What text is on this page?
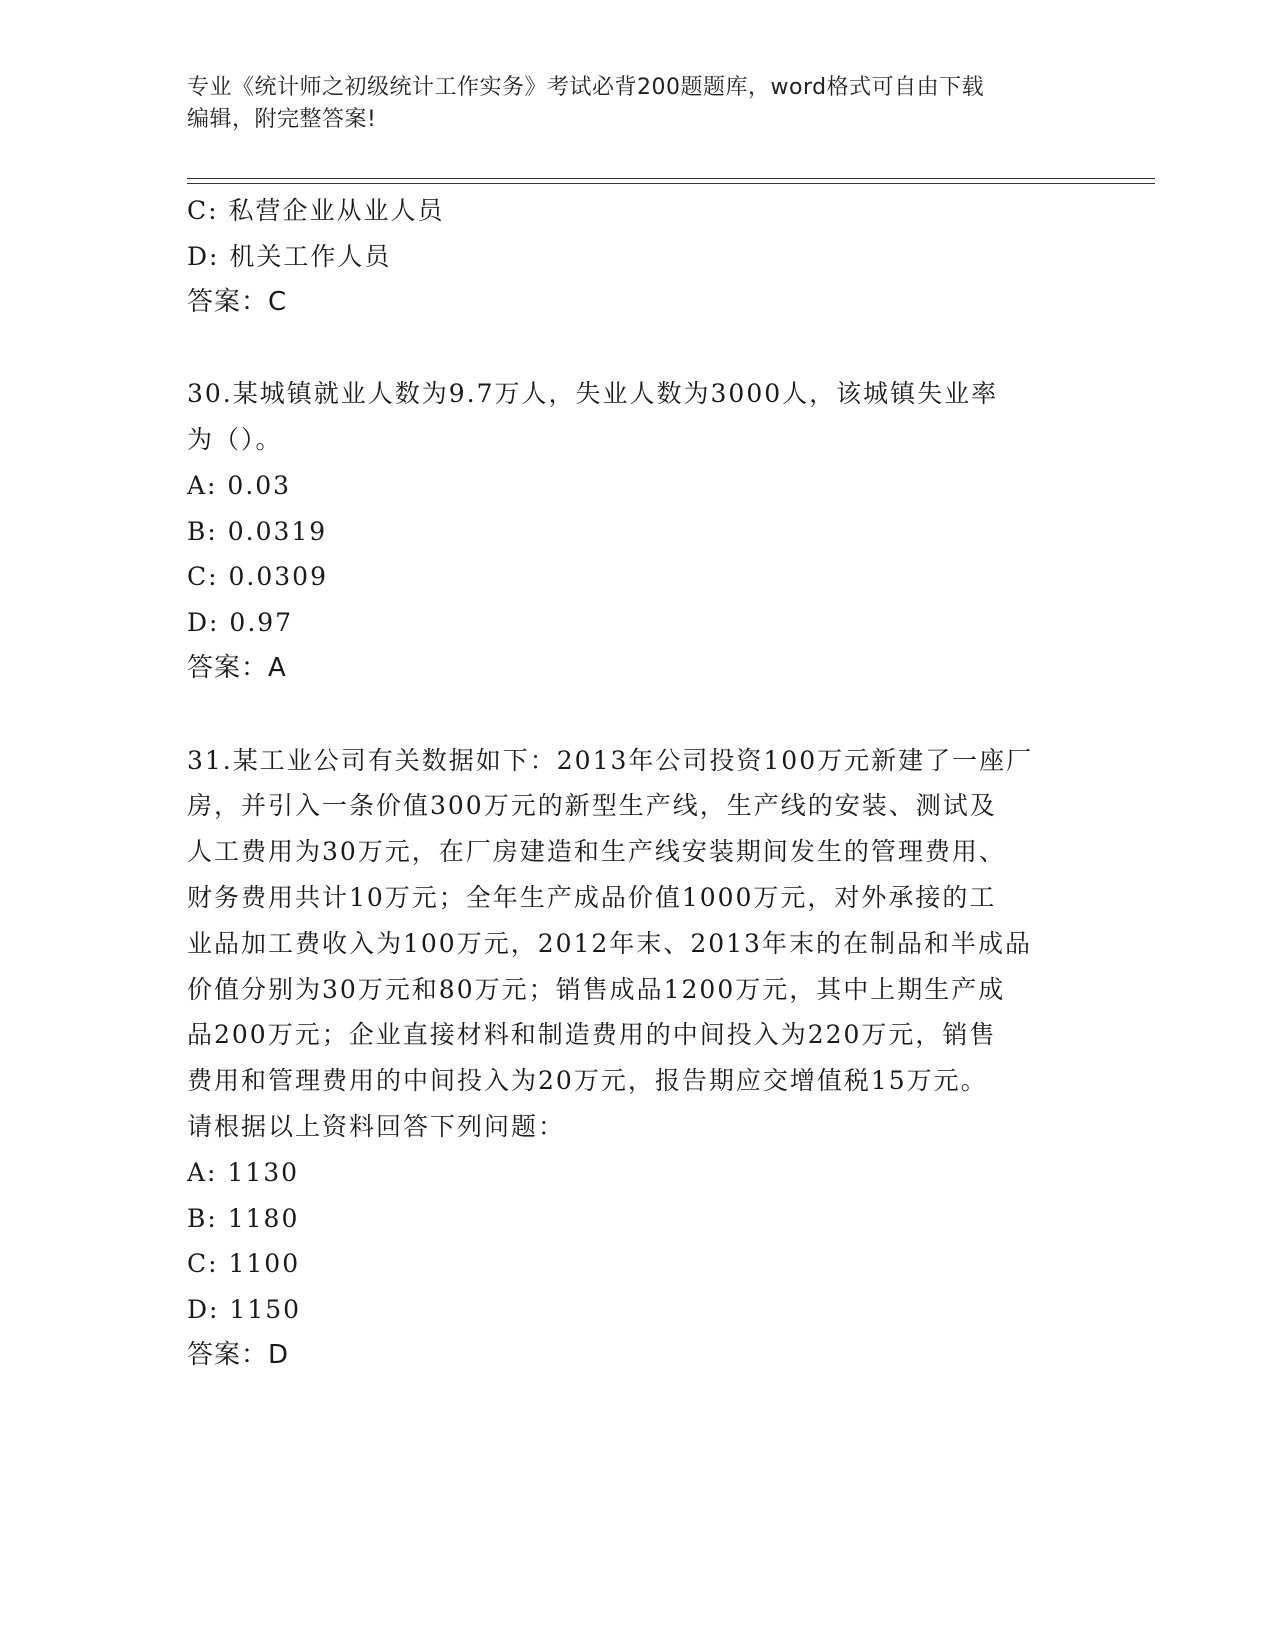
专业《统计师之初级统计工作实务》考试必背200题题库，word格式可自由下载
编辑，附完整答案!
C: 私营企业从业人员
D: 机关工作人员
答案：C
30.某城镇就业人数为9.7万人，失业人数为3000人，该城镇失业率
为（）。
A: 0.03
B: 0.0319
C: 0.0309
D: 0.97
答案：A
31.某工业公司有关数据如下：2013年公司投资100万元新建了一座厂
房，并引入一条价值300万元的新型生产线，生产线的安装、测试及
人工费用为30万元，在厂房建造和生产线安装期间发生的管理费用、
财务费用共计10万元；全年生产成品价值1000万元，对外承接的工
业品加工费收入为100万元，2012年末、2013年末的在制品和半成品
价值分别为30万元和80万元；销售成品1200万元，其中上期生产成
品200万元；企业直接材料和制造费用的中间投入为220万元，销售
费用和管理费用的中间投入为20万元，报告期应交增值税15万元。
请根据以上资料回答下列问题：
A: 1130
B: 1180
C: 1100
D: 1150
答案：D
